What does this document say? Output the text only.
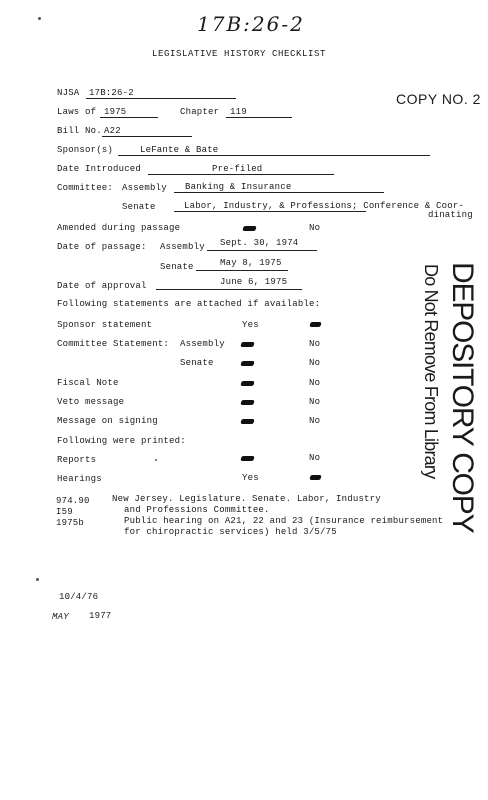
17B:26-2
LEGISLATIVE HISTORY CHECKLIST
COPY NO. 2
NJSA 17B:26-2
Laws of 1975	Chapter 119
Bill No. A22
Sponsor(s)	LeFante & Bate
Date Introduced	Pre-filed
Committee: Assembly Banking & Insurance
Senate	Labor, Industry, & Professions; Conference & Coor-
dinating
Amended during passage	No
Date of passage: Assembly Sept. 30, 1974
Senate	May 8, 1975
Date of approval	June 6, 1975
Following statements are attached if available:
Sponsor statement	Yes
Committee Statement: Assembly	No
Senate	No
Fiscal Note	No
Veto message	No
Message on signing	No
Following were printed:
Reports	No
Hearings	Yes
974.90
I59
1975b
New Jersey. Legislature. Senate. Labor, Industry
and Professions Committee.
Public hearing on A21, 22 and 23 (Insurance reimbursement
for chiropractic services) held 3/5/75
10/4/76
MAY 1977
DEPOSITORY COPY
Do Not Remove From Library
